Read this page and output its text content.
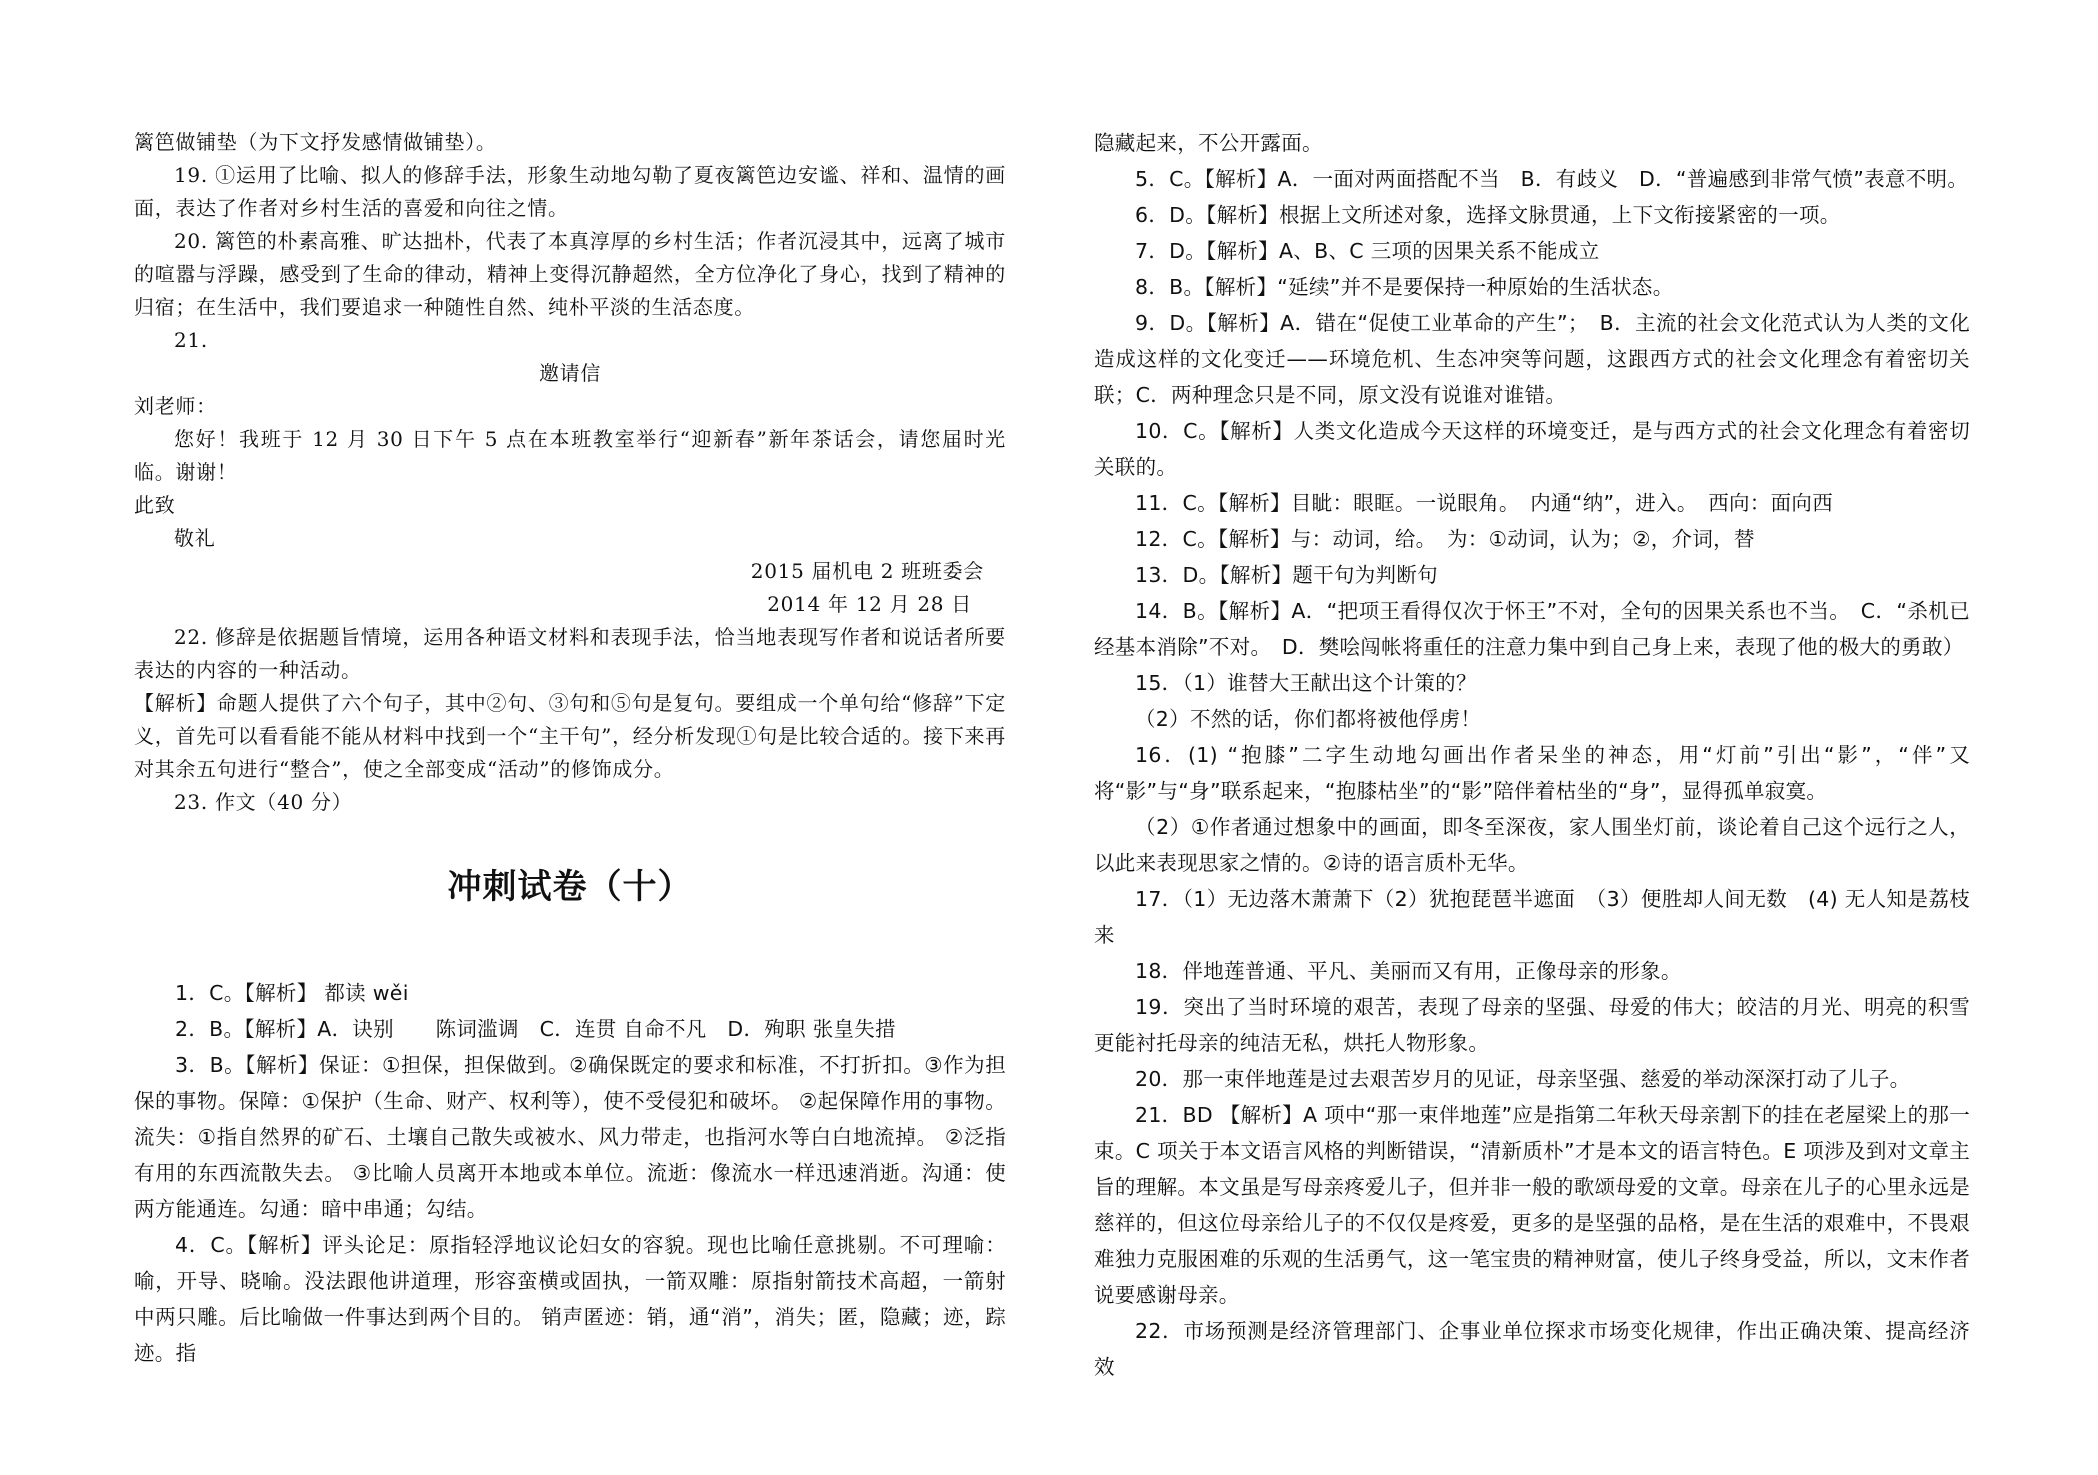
篱笆做铺垫（为下文抒发感情做铺垫）。

19. ①运用了比喻、拟人的修辞手法，形象生动地勾勒了夏夜篱笆边安谧、祥和、温情的画面，表达了作者对乡村生活的喜爱和向往之情。

20. 篱笆的朴素高雅、旷达拙朴，代表了本真淳厚的乡村生活；作者沉浸其中，远离了城市的喧嚣与浮躁，感受到了生命的律动，精神上变得沉静超然，全方位净化了身心，找到了精神的归宿；在生活中，我们要追求一种随性自然、纯朴平淡的生活态度。

21.

邀请信

刘老师：

您好！我班于 12 月 30 日下午 5 点在本班教室举行“迎新春”新年茶话会，请您届时光临。谢谢！

此致

敬礼

2015 届机电 2 班班委会

2014 年 12 月 28 日

22. 修辞是依据题旨情境，运用各种语文材料和表现手法，恰当地表现写作者和说话者所要表达的内容的一种活动。

【解析】命题人提供了六个句子，其中②句、③句和⑤句是复句。要组成一个单句给“修辞”下定义，首先可以看看能不能从材料中找到一个“主干句”，经分析发现①句是比较合适的。接下来再对其余五句进行“整合”，使之全部变成“活动”的修饰成分。

23. 作文（40 分）

冲刺试卷（十）

1．C。【解析】 都读 wěi

2．B。【解析】A．诀别　　陈词滥调　C．连贯 自命不凡　D．殉职 张皇失措

3．B。【解析】保证：①担保，担保做到。②确保既定的要求和标准，不打折扣。③作为担保的事物。保障：①保护（生命、财产、权利等），使不受侵犯和破坏。 ②起保障作用的事物。流失：①指自然界的矿石、土壤自己散失或被水、风力带走，也指河水等白白地流掉。 ②泛指有用的东西流散失去。 ③比喻人员离开本地或本单位。流逝：像流水一样迅速消逝。沟通：使两方能通连。勾通：暗中串通；勾结。

4．C。【解析】评头论足：原指轻浮地议论妇女的容貌。现也比喻任意挑剔。不可理喻：喻，开导、晓喻。没法跟他讲道理，形容蛮横或固执，一箭双雕：原指射箭技术高超，一箭射中两只雕。后比喻做一件事达到两个目的。 销声匿迹：销，通“消”，消失；匿，隐藏；迹，踪迹。指

隐藏起来，不公开露面。

5．C。【解析】A．一面对两面搭配不当　B．有歧义　D．“普遍感到非常气愤”表意不明。

6．D。【解析】根据上文所述对象，选择文脉贯通，上下文衔接紧密的一项。

7．D。【解析】A、B、C 三项的因果关系不能成立

8．B。【解析】“延续”并不是要保持一种原始的生活状态。

9．D。【解析】A．错在“促使工业革命的产生”；　B．主流的社会文化范式认为人类的文化造成这样的文化变迁——环境危机、生态冲突等问题，这跟西方式的社会文化理念有着密切关联；C．两种理念只是不同，原文没有说谁对谁错。

10．C。【解析】人类文化造成今天这样的环境变迁，是与西方式的社会文化理念有着密切关联的。

11．C。【解析】目眦：眼眶。一说眼角。　内通“纳”，进入。　西向：面向西

12．C。【解析】与：动词，给。　为：①动词，认为；②，介词，替

13．D。【解析】题干句为判断句

14．B。【解析】A．“把项王看得仅次于怀王”不对，全句的因果关系也不当。　C．“杀机已经基本消除”不对。　D．樊哙闯帐将重任的注意力集中到自己身上来，表现了他的极大的勇敢）

15．（1）谁替大王献出这个计策的？

（2）不然的话，你们都将被他俘虏！

16．(1) “抱膝”二字生动地勾画出作者呆坐的神态，用“灯前”引出“影”，“伴”又将“影”与“身”联系起来，“抱膝枯坐”的“影”陪伴着枯坐的“身”，显得孤单寂寞。

（2）①作者通过想象中的画面，即冬至深夜，家人围坐灯前，谈论着自己这个远行之人，以此来表现思家之情的。②诗的语言质朴无华。

17．（1）无边落木萧萧下（2）犹抱琵琶半遮面　（3）便胜却人间无数　(4) 无人知是荔枝来

18．伴地莲普通、平凡、美丽而又有用，正像母亲的形象。

19．突出了当时环境的艰苦，表现了母亲的坚强、母爱的伟大；皎洁的月光、明亮的积雪更能衬托母亲的纯洁无私，烘托人物形象。

20．那一束伴地莲是过去艰苦岁月的见证，母亲坚强、慈爱的举动深深打动了儿子。

21．BD 【解析】A 项中“那一束伴地莲”应是指第二年秋天母亲割下的挂在老屋梁上的那一束。C 项关于本文语言风格的判断错误，“清新质朴”才是本文的语言特色。E 项涉及到对文章主旨的理解。本文虽是写母亲疼爱儿子，但并非一般的歌颂母爱的文章。母亲在儿子的心里永远是慈祥的，但这位母亲给儿子的不仅仅是疼爱，更多的是坚强的品格，是在生活的艰难中，不畏艰难独力克服困难的乐观的生活勇气，这一笔宝贵的精神财富，使儿子终身受益，所以，文末作者说要感谢母亲。

22．市场预测是经济管理部门、企事业单位探求市场变化规律，作出正确决策、提高经济效
